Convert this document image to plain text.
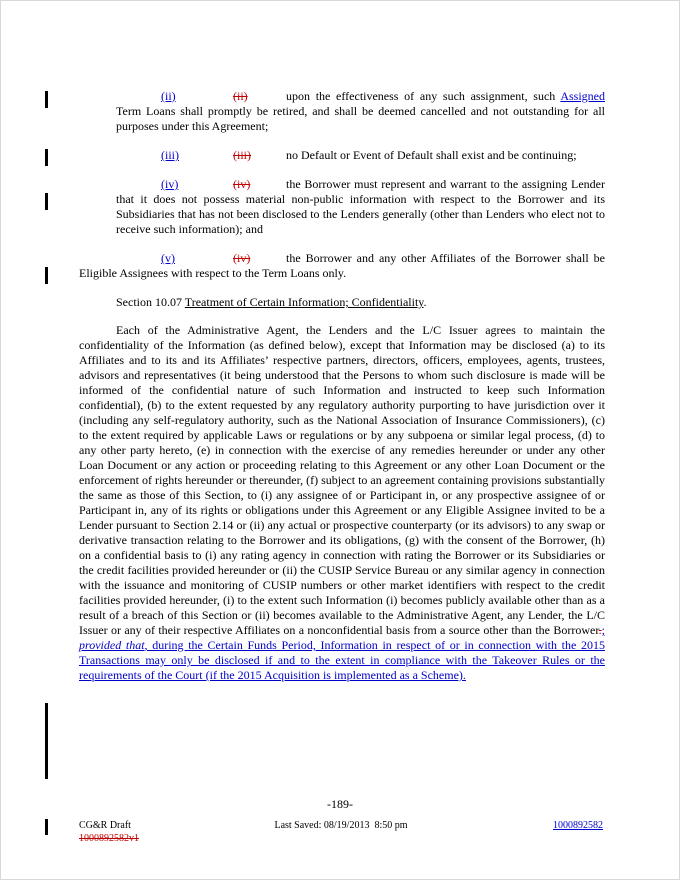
(ii)	(ii)	upon the effectiveness of any such assignment, such Assigned Term Loans shall promptly be retired, and shall be deemed cancelled and not outstanding for all purposes under this Agreement;

(iii)	(iii)	no Default or Event of Default shall exist and be continuing;

(iv)	(iv)	the Borrower must represent and warrant to the assigning Lender that it does not possess material non-public information with respect to the Borrower and its Subsidiaries that has not been disclosed to the Lenders generally (other than Lenders who elect not to receive such information); and

(v)	(iv)	the Borrower and any other Affiliates of the Borrower shall be Eligible Assignees with respect to the Term Loans only.

Section 10.07 Treatment of Certain Information; Confidentiality.

Each of the Administrative Agent, the Lenders and the L/C Issuer agrees to maintain the confidentiality of the Information (as defined below), except that Information may be disclosed (a) to its Affiliates and to its and its Affiliates’ respective partners, directors, officers, employees, agents, trustees, advisors and representatives (it being understood that the Persons to whom such disclosure is made will be informed of the confidential nature of such Information and instructed to keep such Information confidential), (b) to the extent requested by any regulatory authority purporting to have jurisdiction over it (including any self-regulatory authority, such as the National Association of Insurance Commissioners), (c) to the extent required by applicable Laws or regulations or by any subpoena or similar legal process, (d) to any other party hereto, (e) in connection with the exercise of any remedies hereunder or under any other Loan Document or any action or proceeding relating to this Agreement or any other Loan Document or the enforcement of rights hereunder or thereunder, (f) subject to an agreement containing provisions substantially the same as those of this Section, to (i) any assignee of or Participant in, or any prospective assignee of or Participant in, any of its rights or obligations under this Agreement or any Eligible Assignee invited to be a Lender pursuant to Section 2.14 or (ii) any actual or prospective counterparty (or its advisors) to any swap or derivative transaction relating to the Borrower and its obligations, (g) with the consent of the Borrower, (h) on a confidential basis to (i) any rating agency in connection with rating the Borrower or its Subsidiaries or the credit facilities provided hereunder or (ii) the CUSIP Service Bureau or any similar agency in connection with the issuance and monitoring of CUSIP numbers or other market identifiers with respect to the credit facilities provided hereunder, (i) to the extent such Information (i) becomes publicly available other than as a result of a breach of this Section or (ii) becomes available to the Administrative Agent, any Lender, the L/C Issuer or any of their respective Affiliates on a nonconfidential basis from a source other than the Borrower.; provided that, during the Certain Funds Period, Information in respect of or in connection with the 2015 Transactions may only be disclosed if and to the extent in compliance with the Takeover Rules or the requirements of the Court (if the 2015 Acquisition is implemented as a Scheme).

-189-
CG&R Draft
1000892582v1
Last Saved: 08/19/2013  8:50 pm	1000892582
